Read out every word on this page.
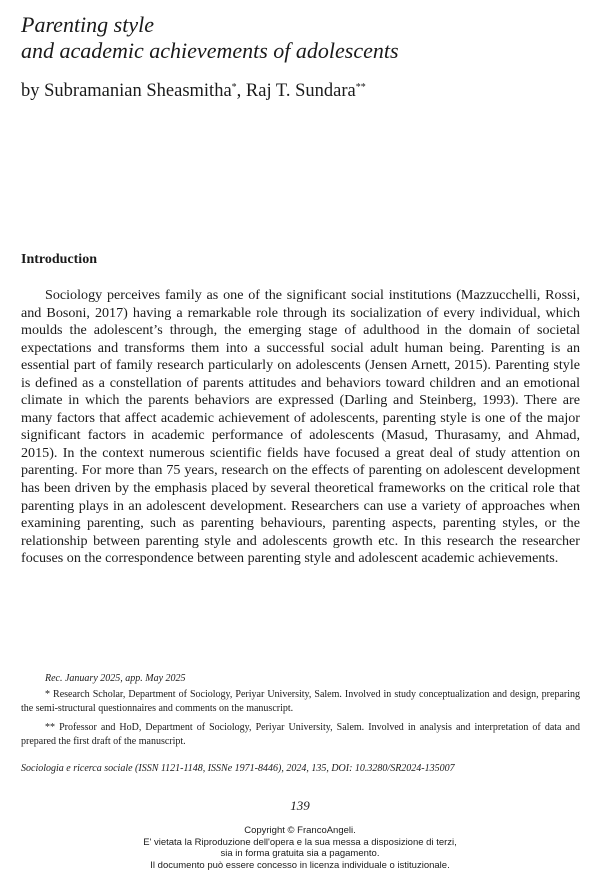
Parenting style
and academic achievements of adolescents

by Subramanian Sheasmitha*, Raj T. Sundara**

Introduction

Sociology perceives family as one of the significant social institutions (Mazzucchelli, Rossi, and Bosoni, 2017) having a remarkable role through its socialization of every individual, which moulds the adolescent’s through, the emerging stage of adulthood in the domain of societal expectations and transforms them into a successful social adult human being. Parenting is an essential part of family research particularly on adolescents (Jensen Arnett, 2015). Parenting style is defined as a constellation of parents attitudes and behaviors toward children and an emotional climate in which the parents behaviors are expressed (Darling and Steinberg, 1993). There are many factors that affect academic achievement of adolescents, parenting style is one of the major significant factors in academic performance of adolescents (Masud, Thurasamy, and Ahmad, 2015). In the context numerous scientific fields have focused a great deal of study attention on parenting. For more than 75 years, research on the effects of parenting on adolescent development has been driven by the emphasis placed by several theoretical frameworks on the critical role that parenting plays in an adolescent development. Researchers can use a variety of approaches when examining parenting, such as parenting behaviours, parenting aspects, parenting styles, or the relationship between parenting style and adolescents growth etc. In this research the researcher focuses on the correspondence between parenting style and adolescent academic achievements.

Rec. January 2025, app. May 2025

* Research Scholar, Department of Sociology, Periyar University, Salem. Involved in study conceptualization and design, preparing the semi-structural questionnaires and comments on the manuscript.

** Professor and HoD, Department of Sociology, Periyar University, Salem. Involved in analysis and interpretation of data and prepared the first draft of the manuscript.

Sociologia e ricerca sociale (ISSN 1121-1148, ISSNe 1971-8446), 2024, 135, DOI: 10.3280/SR2024-135007

139

Copyright © FrancoAngeli.
E' vietata la Riproduzione dell'opera e la sua messa a disposizione di terzi,
sia in forma gratuita sia a pagamento.
Il documento può essere concesso in licenza individuale o istituzionale.
